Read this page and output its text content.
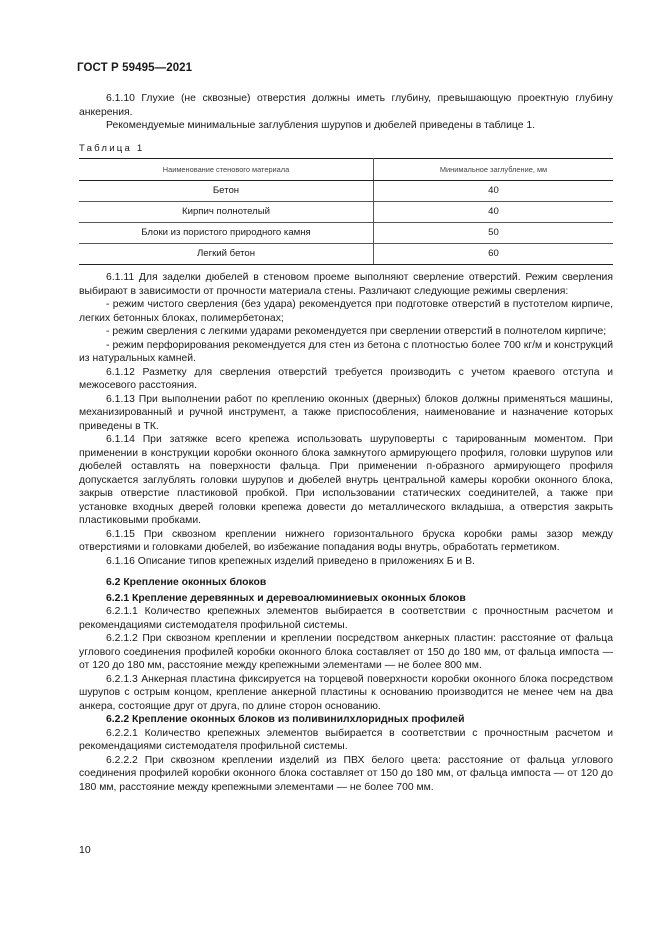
ГОСТ Р 59495—2021

6.1.10 Глухие (не сквозные) отверстия должны иметь глубину, превышающую проектную глубину анкерения.

Рекомендуемые минимальные заглубления шурупов и дюбелей приведены в таблице 1.

Таблица 1
Наименование стенового материала	Минимальное заглубление, мм
Бетон	40
Кирпич полнотелый	40
Блоки из пористого природного камня	50
Легкий бетон	60

6.1.11 Для заделки дюбелей в стеновом проеме выполняют сверление отверстий. Режим сверления выбирают в зависимости от прочности материала стены. Различают следующие режимы сверления:

- режим чистого сверления (без удара) рекомендуется при подготовке отверстий в пустотелом кирпиче, легких бетонных блоках, полимербетонах;

- режим сверления с легкими ударами рекомендуется при сверлении отверстий в полнотелом кирпиче;

- режим перфорирования рекомендуется для стен из бетона с плотностью более 700 кг/м и конструкций из натуральных камней.

6.1.12 Разметку для сверления отверстий требуется производить с учетом краевого отступа и межосевого расстояния.

6.1.13 При выполнении работ по креплению оконных (дверных) блоков должны применяться машины, механизированный и ручной инструмент, а также приспособления, наименование и назначение которых приведены в ТК.

6.1.14 При затяжке всего крепежа использовать шуруповерты с тарированным моментом. При применении в конструкции коробки оконного блока замкнутого армирующего профиля, головки шурупов или дюбелей оставлять на поверхности фальца. При применении п-образного армирующего профиля допускается заглублять головки шурупов и дюбелей внутрь центральной камеры коробки оконного блока, закрыв отверстие пластиковой пробкой. При использовании статических соединителей, а также при установке входных дверей головки крепежа довести до металлического вкладыша, а отверстия закрыть пластиковыми пробками.

6.1.15 При сквозном креплении нижнего горизонтального бруска коробки рамы зазор между отверстиями и головками дюбелей, во избежание попадания воды внутрь, обработать герметиком.

6.1.16 Описание типов крепежных изделий приведено в приложениях Б и В.

6.2 Крепление оконных блоков

6.2.1 Крепление деревянных и деревоалюминиевых оконных блоков

6.2.1.1 Количество крепежных элементов выбирается в соответствии с прочностным расчетом и рекомендациями системодателя профильной системы.

6.2.1.2 При сквозном креплении и креплении посредством анкерных пластин: расстояние от фальца углового соединения профилей коробки оконного блока составляет от 150 до 180 мм, от фальца импоста — от 120 до 180 мм, расстояние между крепежными элементами — не более 800 мм.

6.2.1.3 Анкерная пластина фиксируется на торцевой поверхности коробки оконного блока посредством шурупов с острым концом, крепление анкерной пластины к основанию производится не менее чем на два анкера, состоящие друг от друга, по длине сторон основанию.

6.2.2 Крепление оконных блоков из поливинилхлоридных профилей

6.2.2.1 Количество крепежных элементов выбирается в соответствии с прочностным расчетом и рекомендациями системодателя профильной системы.

6.2.2.2 При сквозном креплении изделий из ПВХ белого цвета: расстояние от фальца углового соединения профилей коробки оконного блока составляет от 150 до 180 мм, от фальца импоста — от 120 до 180 мм, расстояние между крепежными элементами — не более 700 мм.

10
